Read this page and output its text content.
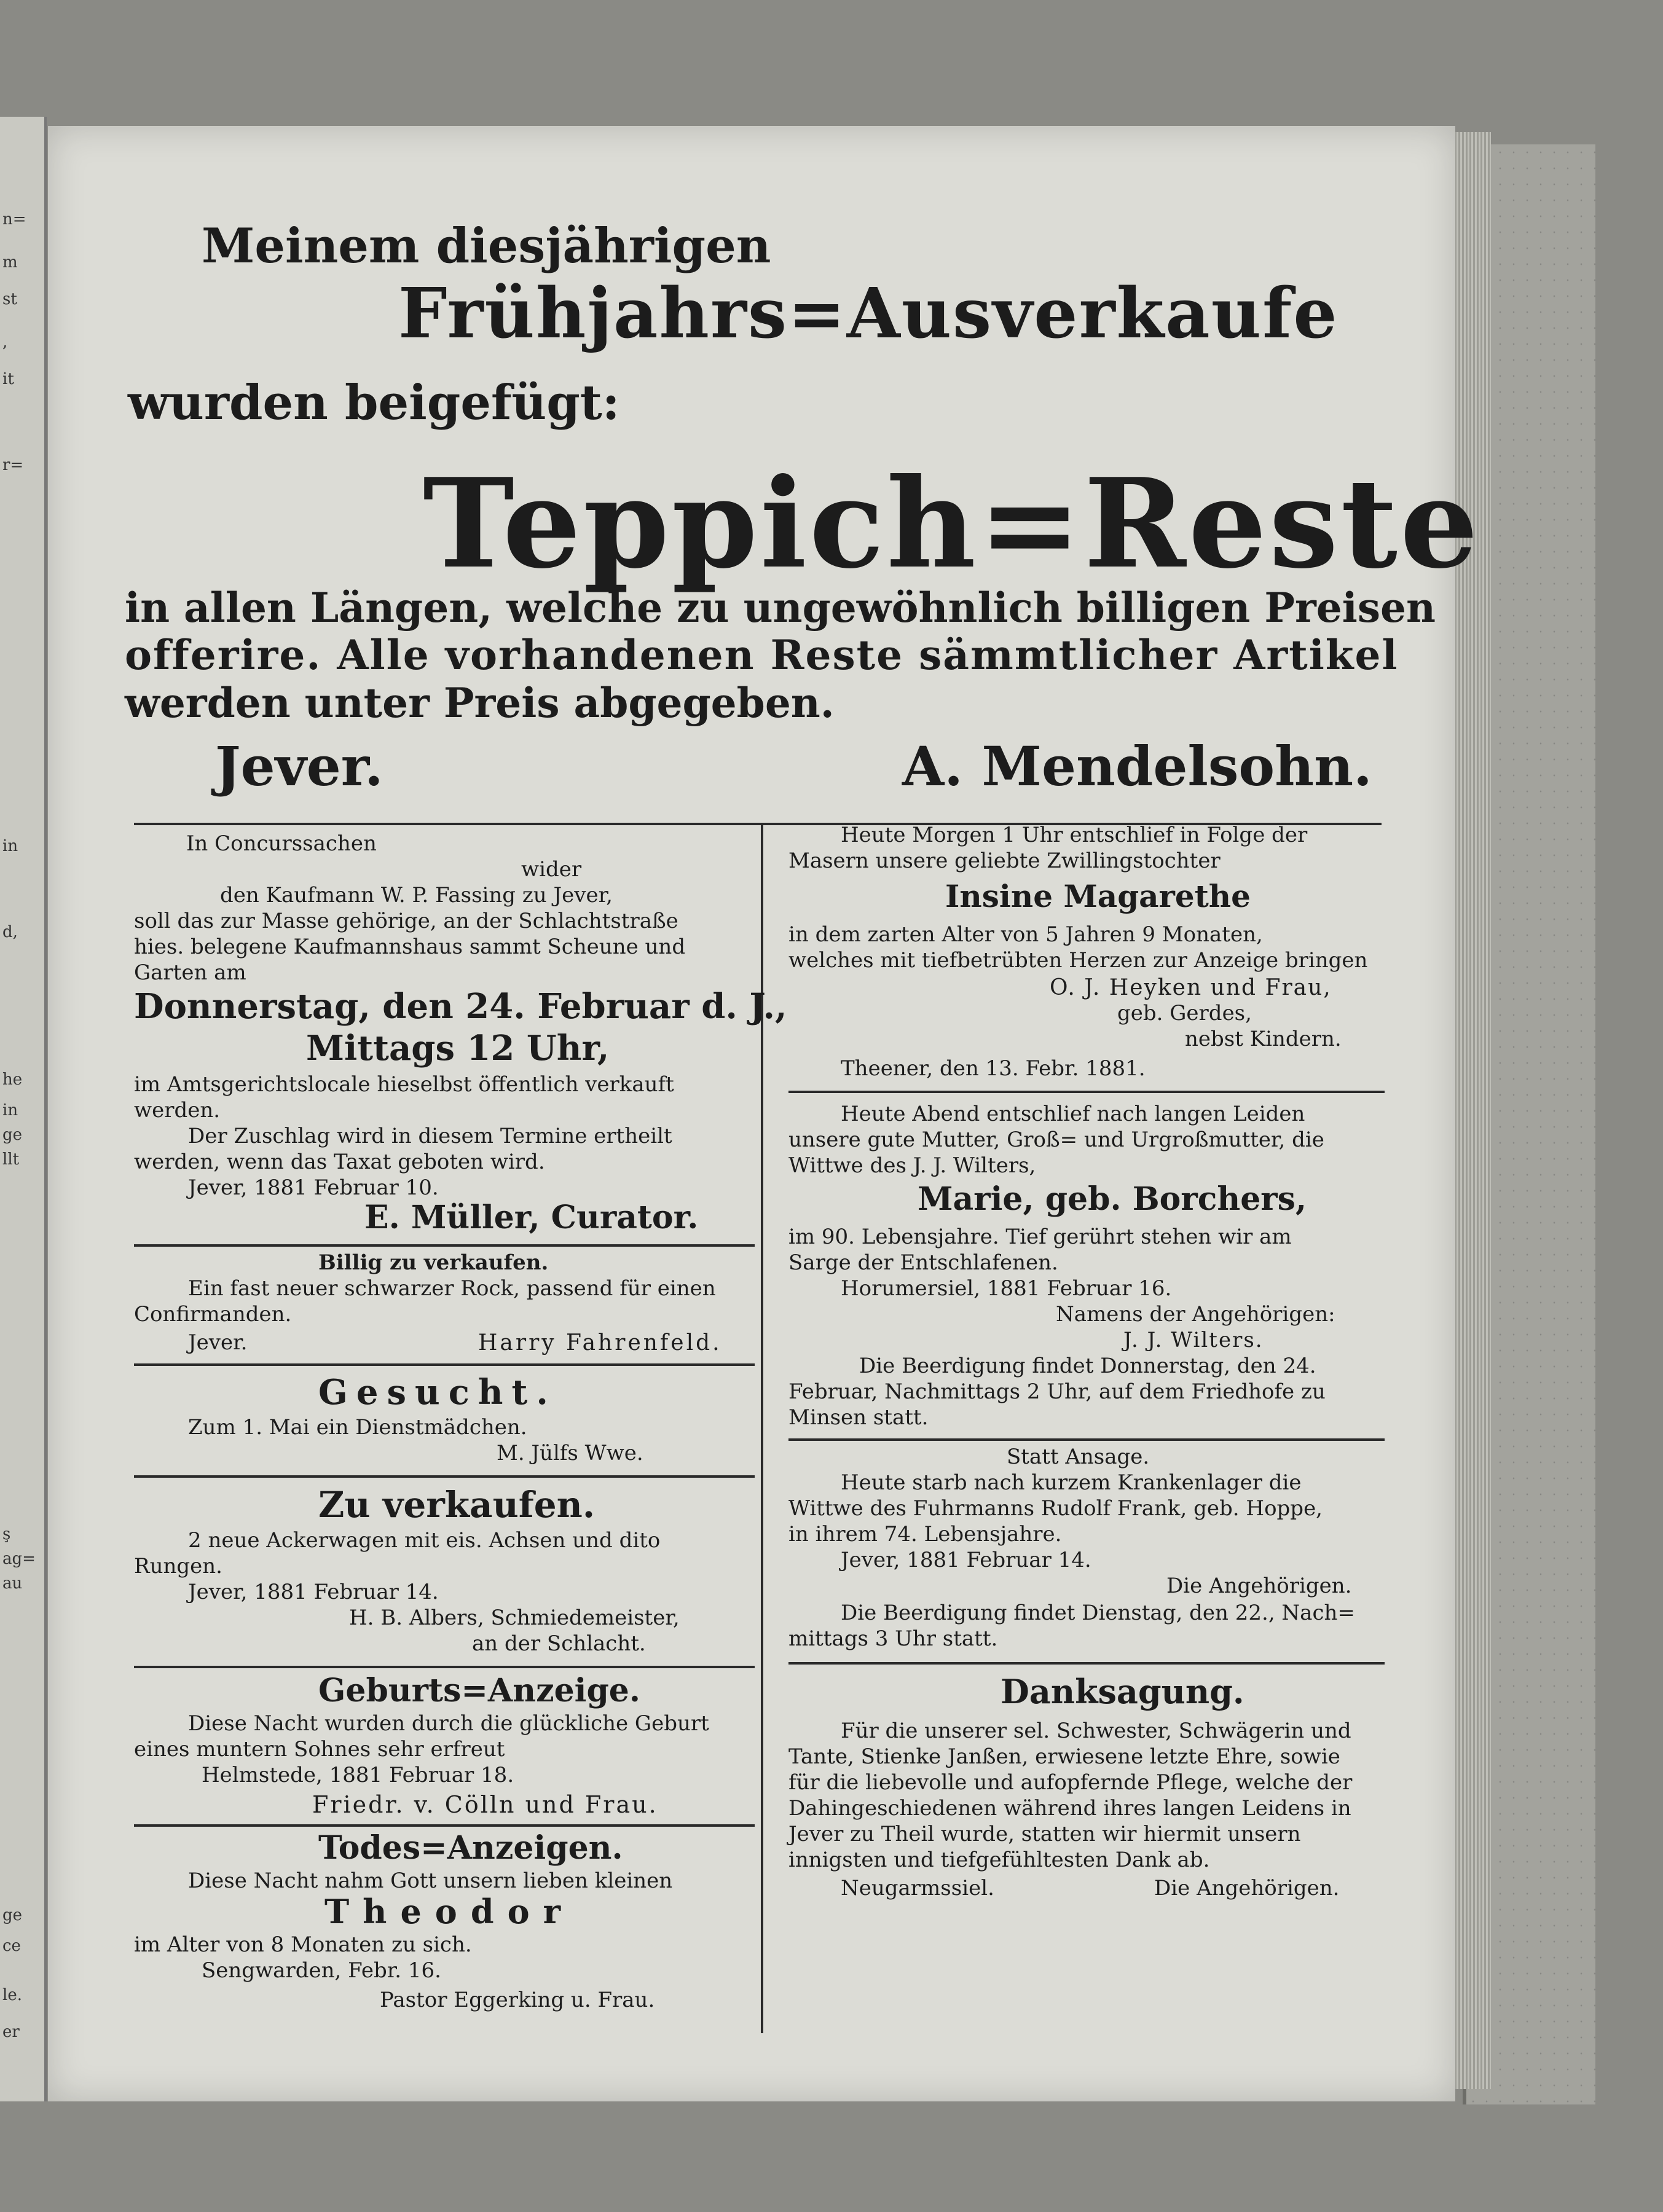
n=
m
st
,
it
r=
in
d,
he
in
ge
llt
ş
ag=
au
ge
ce
le.
er
Meinem diesjährigen
Frühjahrs=Ausverkaufe
wurden beigefügt:
Teppich=Reste
in allen Längen, welche zu ungewöhnlich billigen Preisen
offerire. Alle vorhandenen Reste sämmtlicher Artikel
werden unter Preis abgegeben.
Jever.	A. Mendelsohn.
In Concurssachen
wider
den Kaufmann W. P. Fassing zu Jever,
soll das zur Masse gehörige, an der Schlachtstraße
hies. belegene Kaufmannshaus sammt Scheune und
Garten am
Donnerstag, den 24. Februar d. J.,
Mittags 12 Uhr,
im Amtsgerichtslocale hieselbst öffentlich verkauft
werden.
Der Zuschlag wird in diesem Termine ertheilt
werden, wenn das Taxat geboten wird.
Jever, 1881 Februar 10.
E. Müller, Curator.
Billig zu verkaufen.
Ein fast neuer schwarzer Rock, passend für einen
Confirmanden.
Jever.	Harry Fahrenfeld.
Gesucht.
Zum 1. Mai ein Dienstmädchen.
M. Jülfs Wwe.
Zu verkaufen.
2 neue Ackerwagen mit eis. Achsen und dito
Rungen.
Jever, 1881 Februar 14.
H. B. Albers, Schmiedemeister,
an der Schlacht.
Geburts=Anzeige.
Diese Nacht wurden durch die glückliche Geburt
eines muntern Sohnes sehr erfreut
Helmstede, 1881 Februar 18.
Friedr. v. Cölln und Frau.
Todes=Anzeigen.
Diese Nacht nahm Gott unsern lieben kleinen
Theodor
im Alter von 8 Monaten zu sich.
Sengwarden, Febr. 16.
Pastor Eggerking u. Frau.
Heute Morgen 1 Uhr entschlief in Folge der
Masern unsere geliebte Zwillingstochter
Insine Magarethe
in dem zarten Alter von 5 Jahren 9 Monaten,
welches mit tiefbetrübten Herzen zur Anzeige bringen
O. J. Heyken und Frau,
geb. Gerdes,
nebst Kindern.
Theener, den 13. Febr. 1881.
Heute Abend entschlief nach langen Leiden
unsere gute Mutter, Groß= und Urgroßmutter, die
Wittwe des J. J. Wilters,
Marie, geb. Borchers,
im 90. Lebensjahre. Tief gerührt stehen wir am
Sarge der Entschlafenen.
Horumersiel, 1881 Februar 16.
Namens der Angehörigen:
J. J. Wilters.
Die Beerdigung findet Donnerstag, den 24.
Februar, Nachmittags 2 Uhr, auf dem Friedhofe zu
Minsen statt.
Statt Ansage.
Heute starb nach kurzem Krankenlager die
Wittwe des Fuhrmanns Rudolf Frank, geb. Hoppe,
in ihrem 74. Lebensjahre.
Jever, 1881 Februar 14.
Die Angehörigen.
Die Beerdigung findet Dienstag, den 22., Nach=
mittags 3 Uhr statt.
Danksagung.
Für die unserer sel. Schwester, Schwägerin und
Tante, Stienke Janßen, erwiesene letzte Ehre, sowie
für die liebevolle und aufopfernde Pflege, welche der
Dahingeschiedenen während ihres langen Leidens in
Jever zu Theil wurde, statten wir hiermit unsern
innigsten und tiefgefühltesten Dank ab.
Neugarmssiel.	Die Angehörigen.
